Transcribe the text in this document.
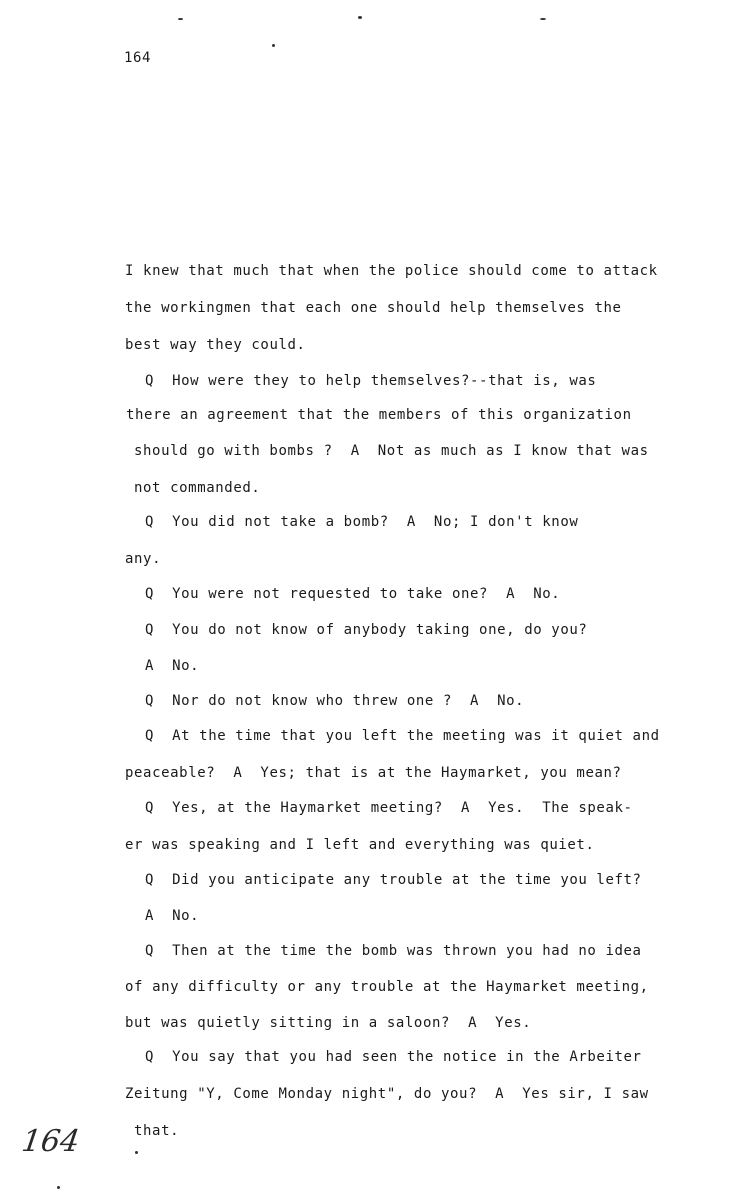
164
I knew that much that when the police should come to attack
the workingmen that each one should help themselves the
best way they could.
Q  How were they to help themselves?--that is, was
there an agreement that the members of this organization
should go with bombs ?  A  Not as much as I know that was
not commanded.
Q  You did not take a bomb?  A  No; I don't know
any.
Q  You were not requested to take one?  A  No.
Q  You do not know of anybody taking one, do you?
A  No.
Q  Nor do not know who threw one ?  A  No.
Q  At the time that you left the meeting was it quiet and
peaceable?  A  Yes; that is at the Haymarket, you mean?
Q  Yes, at the Haymarket meeting?  A  Yes.  The speak-
er was speaking and I left and everything was quiet.
Q  Did you anticipate any trouble at the time you left?
A  No.
Q  Then at the time the bomb was thrown you had no idea
of any difficulty or any trouble at the Haymarket meeting,
but was quietly sitting in a saloon?  A  Yes.
Q  You say that you had seen the notice in the Arbeiter
Zeitung "Y, Come Monday night", do you?  A  Yes sir, I saw
that.
164
